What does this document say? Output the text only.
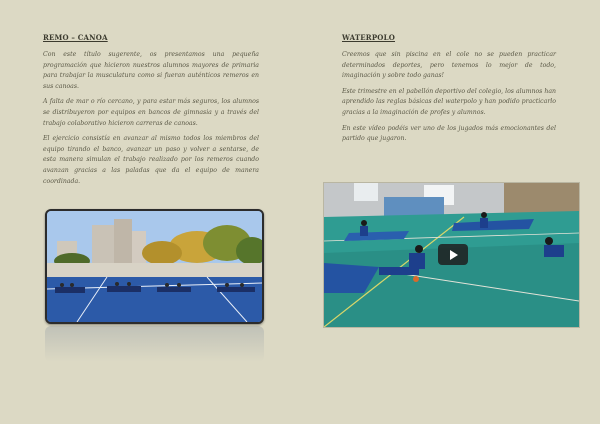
REMO – CANOA

Con este título sugerente, os presentamos una pequeña programación que hicieron nuestros alumnos mayores de primaria para trabajar la musculatura como si fueran auténticos remeros en sus canoas.

A falta de mar o río cercano, y para estar más seguros, los alumnos se distribuyeron por equipos en bancos de gimnasia y a través del trabajo colaborativo hicieron carreras de canoas.

El ejercicio consistía en avanzar al mismo todos los miembros del equipo tirando el banco, avanzar un paso y volver a sentarse, de esta manera simulan el trabajo realizado por los remeros cuando avanzan gracias a las paladas que da el equipo de manera coordinada.

WATERPOLO

Creemos que sin piscina en el cole no se pueden practicar determinados deportes, pero tenemos lo mejor de todo, imaginación y sobre todo ganas!

Este trimestre en el pabellón deportivo del colegio, los alumnos han aprendido las reglas básicas del waterpolo y han podido practicarlo gracias a la imaginación de profes y alumnos.

En este vídeo podéis ver uno de los jugados más emocionantes del partido que jugaron.
